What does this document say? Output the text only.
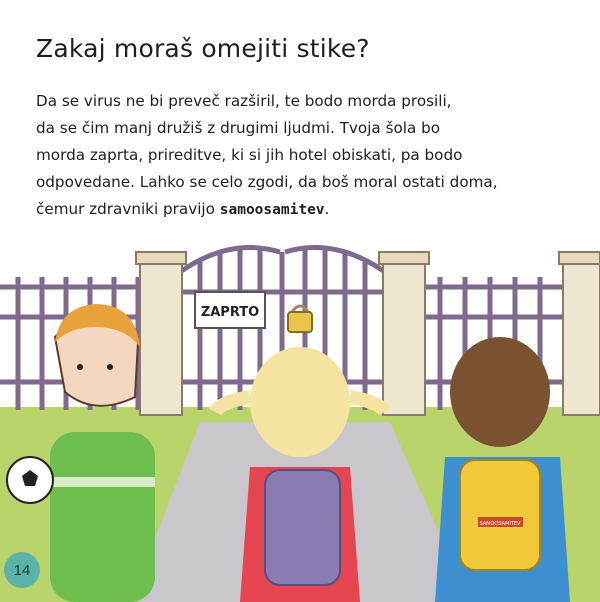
Zakaj moraš omejiti stike?
Da se virus ne bi preveč razširil, te bodo morda prosili,
da se čim manj družiš z drugimi ljudmi. Tvoja šola bo
morda zaprta, prireditve, ki si jih hotel obiskati, pa bodo
odpovedane. Lahko se celo zgodi, da boš moral ostati doma,
čemur zdravniki pravijo samoosamitev.
ZAPRTO
SAMOOSAMITEV
14
